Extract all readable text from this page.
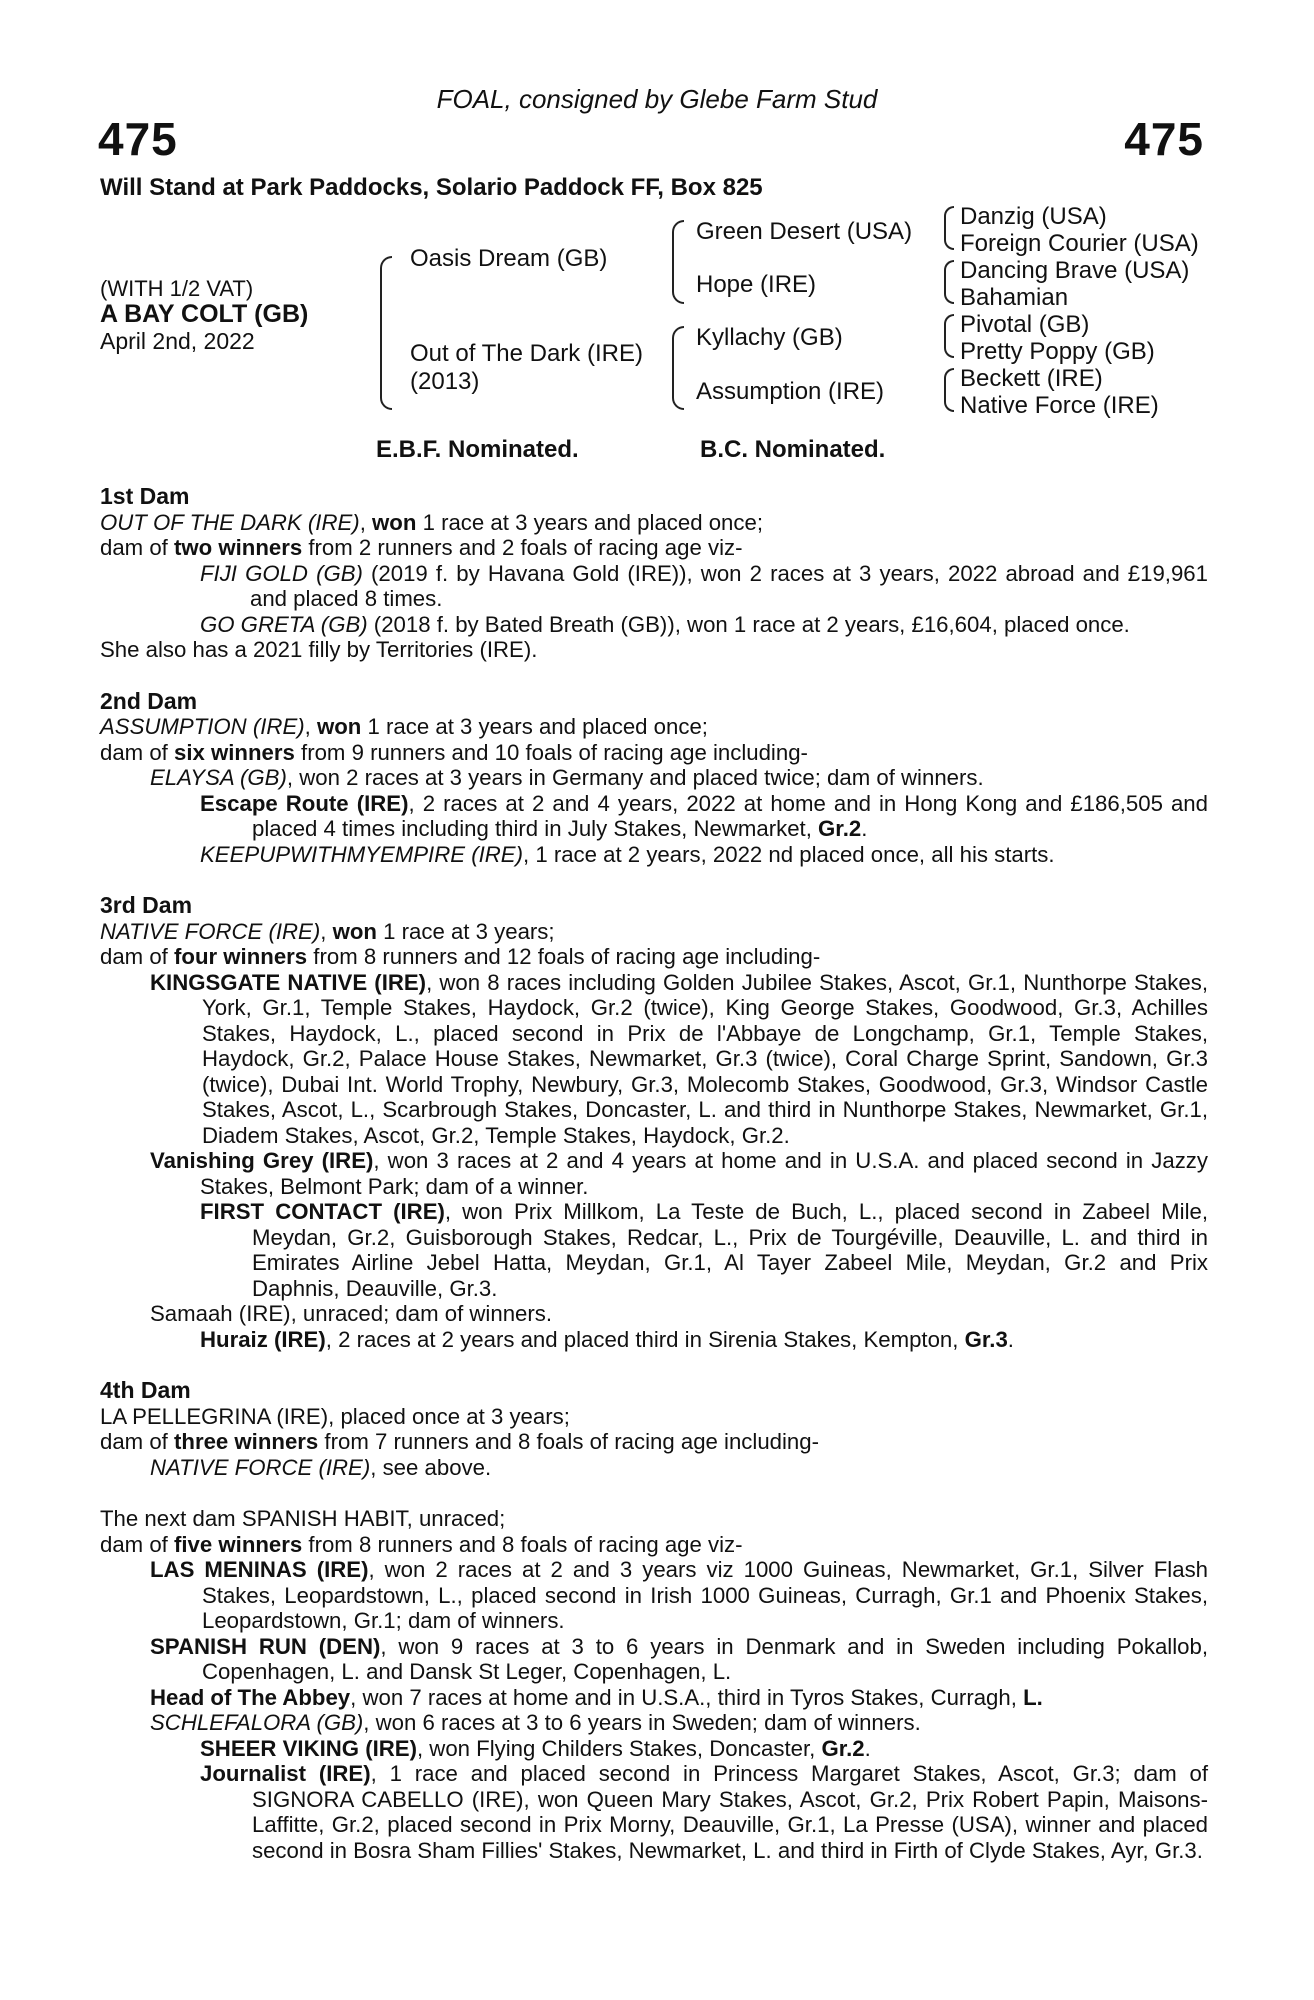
FOAL, consigned by Glebe Farm Stud
475	475
Will Stand at Park Paddocks, Solario Paddock FF, Box 825
(WITH 1/2 VAT)
A BAY COLT (GB)
April 2nd, 2022
Oasis Dream (GB)
Out of The Dark (IRE)
(2013)
Green Desert (USA)
Hope (IRE)
Kyllachy (GB)
Assumption (IRE)
Danzig (USA)
Foreign Courier (USA)
Dancing Brave (USA)
Bahamian
Pivotal (GB)
Pretty Poppy (GB)
Beckett (IRE)
Native Force (IRE)
E.B.F. Nominated.	B.C. Nominated.

1st Dam

OUT OF THE DARK (IRE), won 1 race at 3 years and placed once;

dam of two winners from 2 runners and 2 foals of racing age viz-

FIJI GOLD (GB) (2019 f. by Havana Gold (IRE)), won 2 races at 3 years, 2022 abroad and £19,961 and placed 8 times.

GO GRETA (GB) (2018 f. by Bated Breath (GB)), won 1 race at 2 years, £16,604, placed once.

She also has a 2021 filly by Territories (IRE).

2nd Dam

ASSUMPTION (IRE), won 1 race at 3 years and placed once;

dam of six winners from 9 runners and 10 foals of racing age including-

ELAYSA (GB), won 2 races at 3 years in Germany and placed twice; dam of winners.

Escape Route (IRE), 2 races at 2 and 4 years, 2022 at home and in Hong Kong and £186,505 and placed 4 times including third in July Stakes, Newmarket, Gr.2.

KEEPUPWITHMYEMPIRE (IRE), 1 race at 2 years, 2022 nd placed once, all his starts.

3rd Dam

NATIVE FORCE (IRE), won 1 race at 3 years;

dam of four winners from 8 runners and 12 foals of racing age including-

KINGSGATE NATIVE (IRE), won 8 races including Golden Jubilee Stakes, Ascot, Gr.1, Nunthorpe Stakes, York, Gr.1, Temple Stakes, Haydock, Gr.2 (twice), King George Stakes, Goodwood, Gr.3, Achilles Stakes, Haydock, L., placed second in Prix de l'Abbaye de Longchamp, Gr.1, Temple Stakes, Haydock, Gr.2, Palace House Stakes, Newmarket, Gr.3 (twice), Coral Charge Sprint, Sandown, Gr.3 (twice), Dubai Int. World Trophy, Newbury, Gr.3, Molecomb Stakes, Goodwood, Gr.3, Windsor Castle Stakes, Ascot, L., Scarbrough Stakes, Doncaster, L. and third in Nunthorpe Stakes, Newmarket, Gr.1, Diadem Stakes, Ascot, Gr.2, Temple Stakes, Haydock, Gr.2.

Vanishing Grey (IRE), won 3 races at 2 and 4 years at home and in U.S.A. and placed second in Jazzy Stakes, Belmont Park; dam of a winner.

FIRST CONTACT (IRE), won Prix Millkom, La Teste de Buch, L., placed second in Zabeel Mile, Meydan, Gr.2, Guisborough Stakes, Redcar, L., Prix de Tourgéville, Deauville, L. and third in Emirates Airline Jebel Hatta, Meydan, Gr.1, Al Tayer Zabeel Mile, Meydan, Gr.2 and Prix Daphnis, Deauville, Gr.3.

Samaah (IRE), unraced; dam of winners.

Huraiz (IRE), 2 races at 2 years and placed third in Sirenia Stakes, Kempton, Gr.3.

4th Dam

LA PELLEGRINA (IRE), placed once at 3 years;

dam of three winners from 7 runners and 8 foals of racing age including-

NATIVE FORCE (IRE), see above.

The next dam SPANISH HABIT, unraced;

dam of five winners from 8 runners and 8 foals of racing age viz-

LAS MENINAS (IRE), won 2 races at 2 and 3 years viz 1000 Guineas, Newmarket, Gr.1, Silver Flash Stakes, Leopardstown, L., placed second in Irish 1000 Guineas, Curragh, Gr.1 and Phoenix Stakes, Leopardstown, Gr.1; dam of winners.

SPANISH RUN (DEN), won 9 races at 3 to 6 years in Denmark and in Sweden including Pokallob, Copenhagen, L. and Dansk St Leger, Copenhagen, L.

Head of The Abbey, won 7 races at home and in U.S.A., third in Tyros Stakes, Curragh, L.

SCHLEFALORA (GB), won 6 races at 3 to 6 years in Sweden; dam of winners.

SHEER VIKING (IRE), won Flying Childers Stakes, Doncaster, Gr.2.

Journalist (IRE), 1 race and placed second in Princess Margaret Stakes, Ascot, Gr.3; dam of SIGNORA CABELLO (IRE), won Queen Mary Stakes, Ascot, Gr.2, Prix Robert Papin, Maisons-Laffitte, Gr.2, placed second in Prix Morny, Deauville, Gr.1, La Presse (USA), winner and placed second in Bosra Sham Fillies' Stakes, Newmarket, L. and third in Firth of Clyde Stakes, Ayr, Gr.3.
